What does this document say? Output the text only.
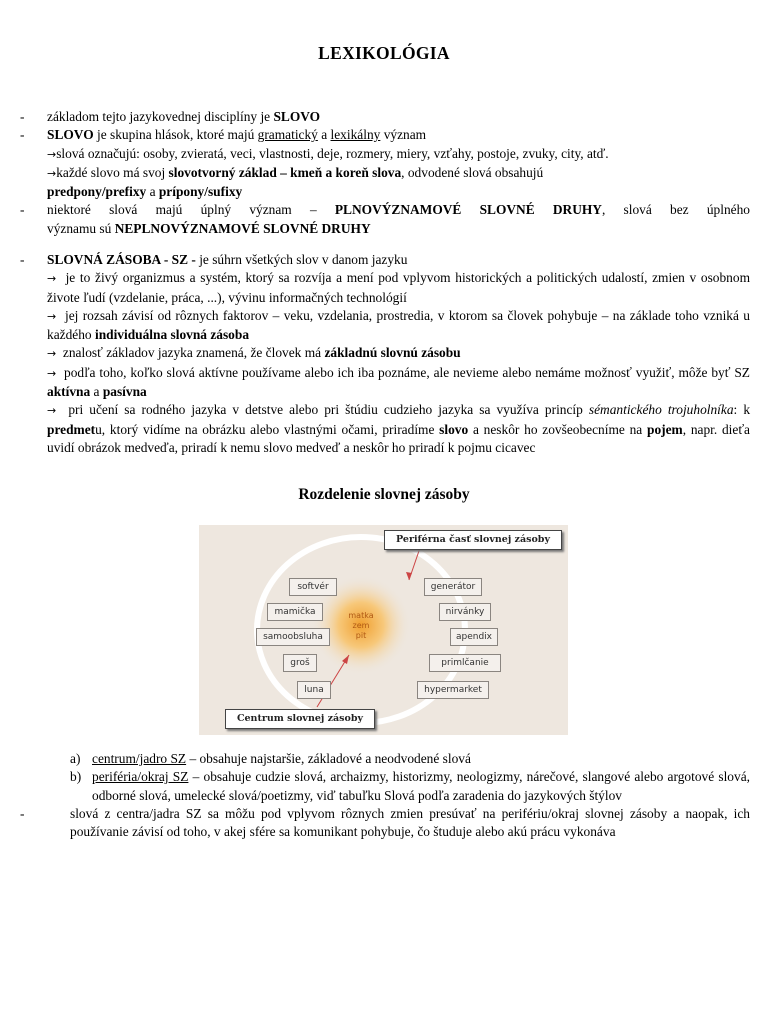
LEXIKOLÓGIA
- základom tejto jazykovednej disciplíny je SLOVO
- SLOVO je skupina hlások, ktoré majú gramatický a lexikálny význam
→slová označujú: osoby, zvieratá, veci, vlastnosti, deje, rozmery, miery, vzťahy, postoje, zvuky, city, atď.
→každé slovo má svoj slovotvorný základ – kmeň a koreň slova, odvodené slová obsahujú
predpony/prefixy a prípony/sufixy
- niektoré slová majú úplný význam – PLNOVÝZNAMOVÉ SLOVNÉ DRUHY, slová bez úplného
významu sú NEPLNOVÝZNAMOVÉ SLOVNÉ DRUHY
- SLOVNÁ ZÁSOBA - SZ - je súhrn všetkých slov v danom jazyku
→ je to živý organizmus a systém, ktorý sa rozvíja a mení pod vplyvom historických a politických udalostí, zmien v osobnom živote ľudí (vzdelanie, práca, ...), vývinu informačných technológií
→ jej rozsah závisí od rôznych faktorov – veku, vzdelania, prostredia, v ktorom sa človek pohybuje – na základe toho vzniká u každého individuálna slovná zásoba
→ znalosť základov jazyka znamená, že človek má základnú slovnú zásobu
→ podľa toho, koľko slová aktívne používame alebo ich iba poznáme, ale nevieme alebo nemáme možnosť využiť, môže byť SZ aktívna a pasívna
→ pri učení sa rodného jazyka v detstve alebo pri štúdiu cudzieho jazyka sa využíva princíp sémantického trojuholníka: k predmetu, ktorý vidíme na obrázku alebo vlastnými očami, priradíme slovo a neskôr ho zovšeobecníme na pojem, napr. dieťa uvidí obrázok medveďa, priradí k nemu slovo medveď a neskôr ho priradí k pojmu cicavec
Rozdelenie slovnej zásoby
matka
zem
pit
softvér
mamička
samoobsluha
groš
luna
generátor
nirvánky
apendix
primlčanie
hypermarket
Periférna časť slovnej zásoby
Centrum slovnej zásoby
a) centrum/jadro SZ – obsahuje najstaršie, základové a neodvodené slová
b) periféria/okraj SZ – obsahuje cudzie slová, archaizmy, historizmy, neologizmy, nárečové, slangové alebo argotové slová, odborné slová, umelecké slová/poetizmy, viď tabuľku Slová podľa zaradenia do jazykových štýlov
-	slová z centra/jadra SZ sa môžu pod vplyvom rôznych zmien presúvať na perifériu/okraj slovnej zásoby a naopak, ich používanie závisí od toho, v akej sfére sa komunikant pohybuje, čo študuje alebo akú prácu vykonáva
